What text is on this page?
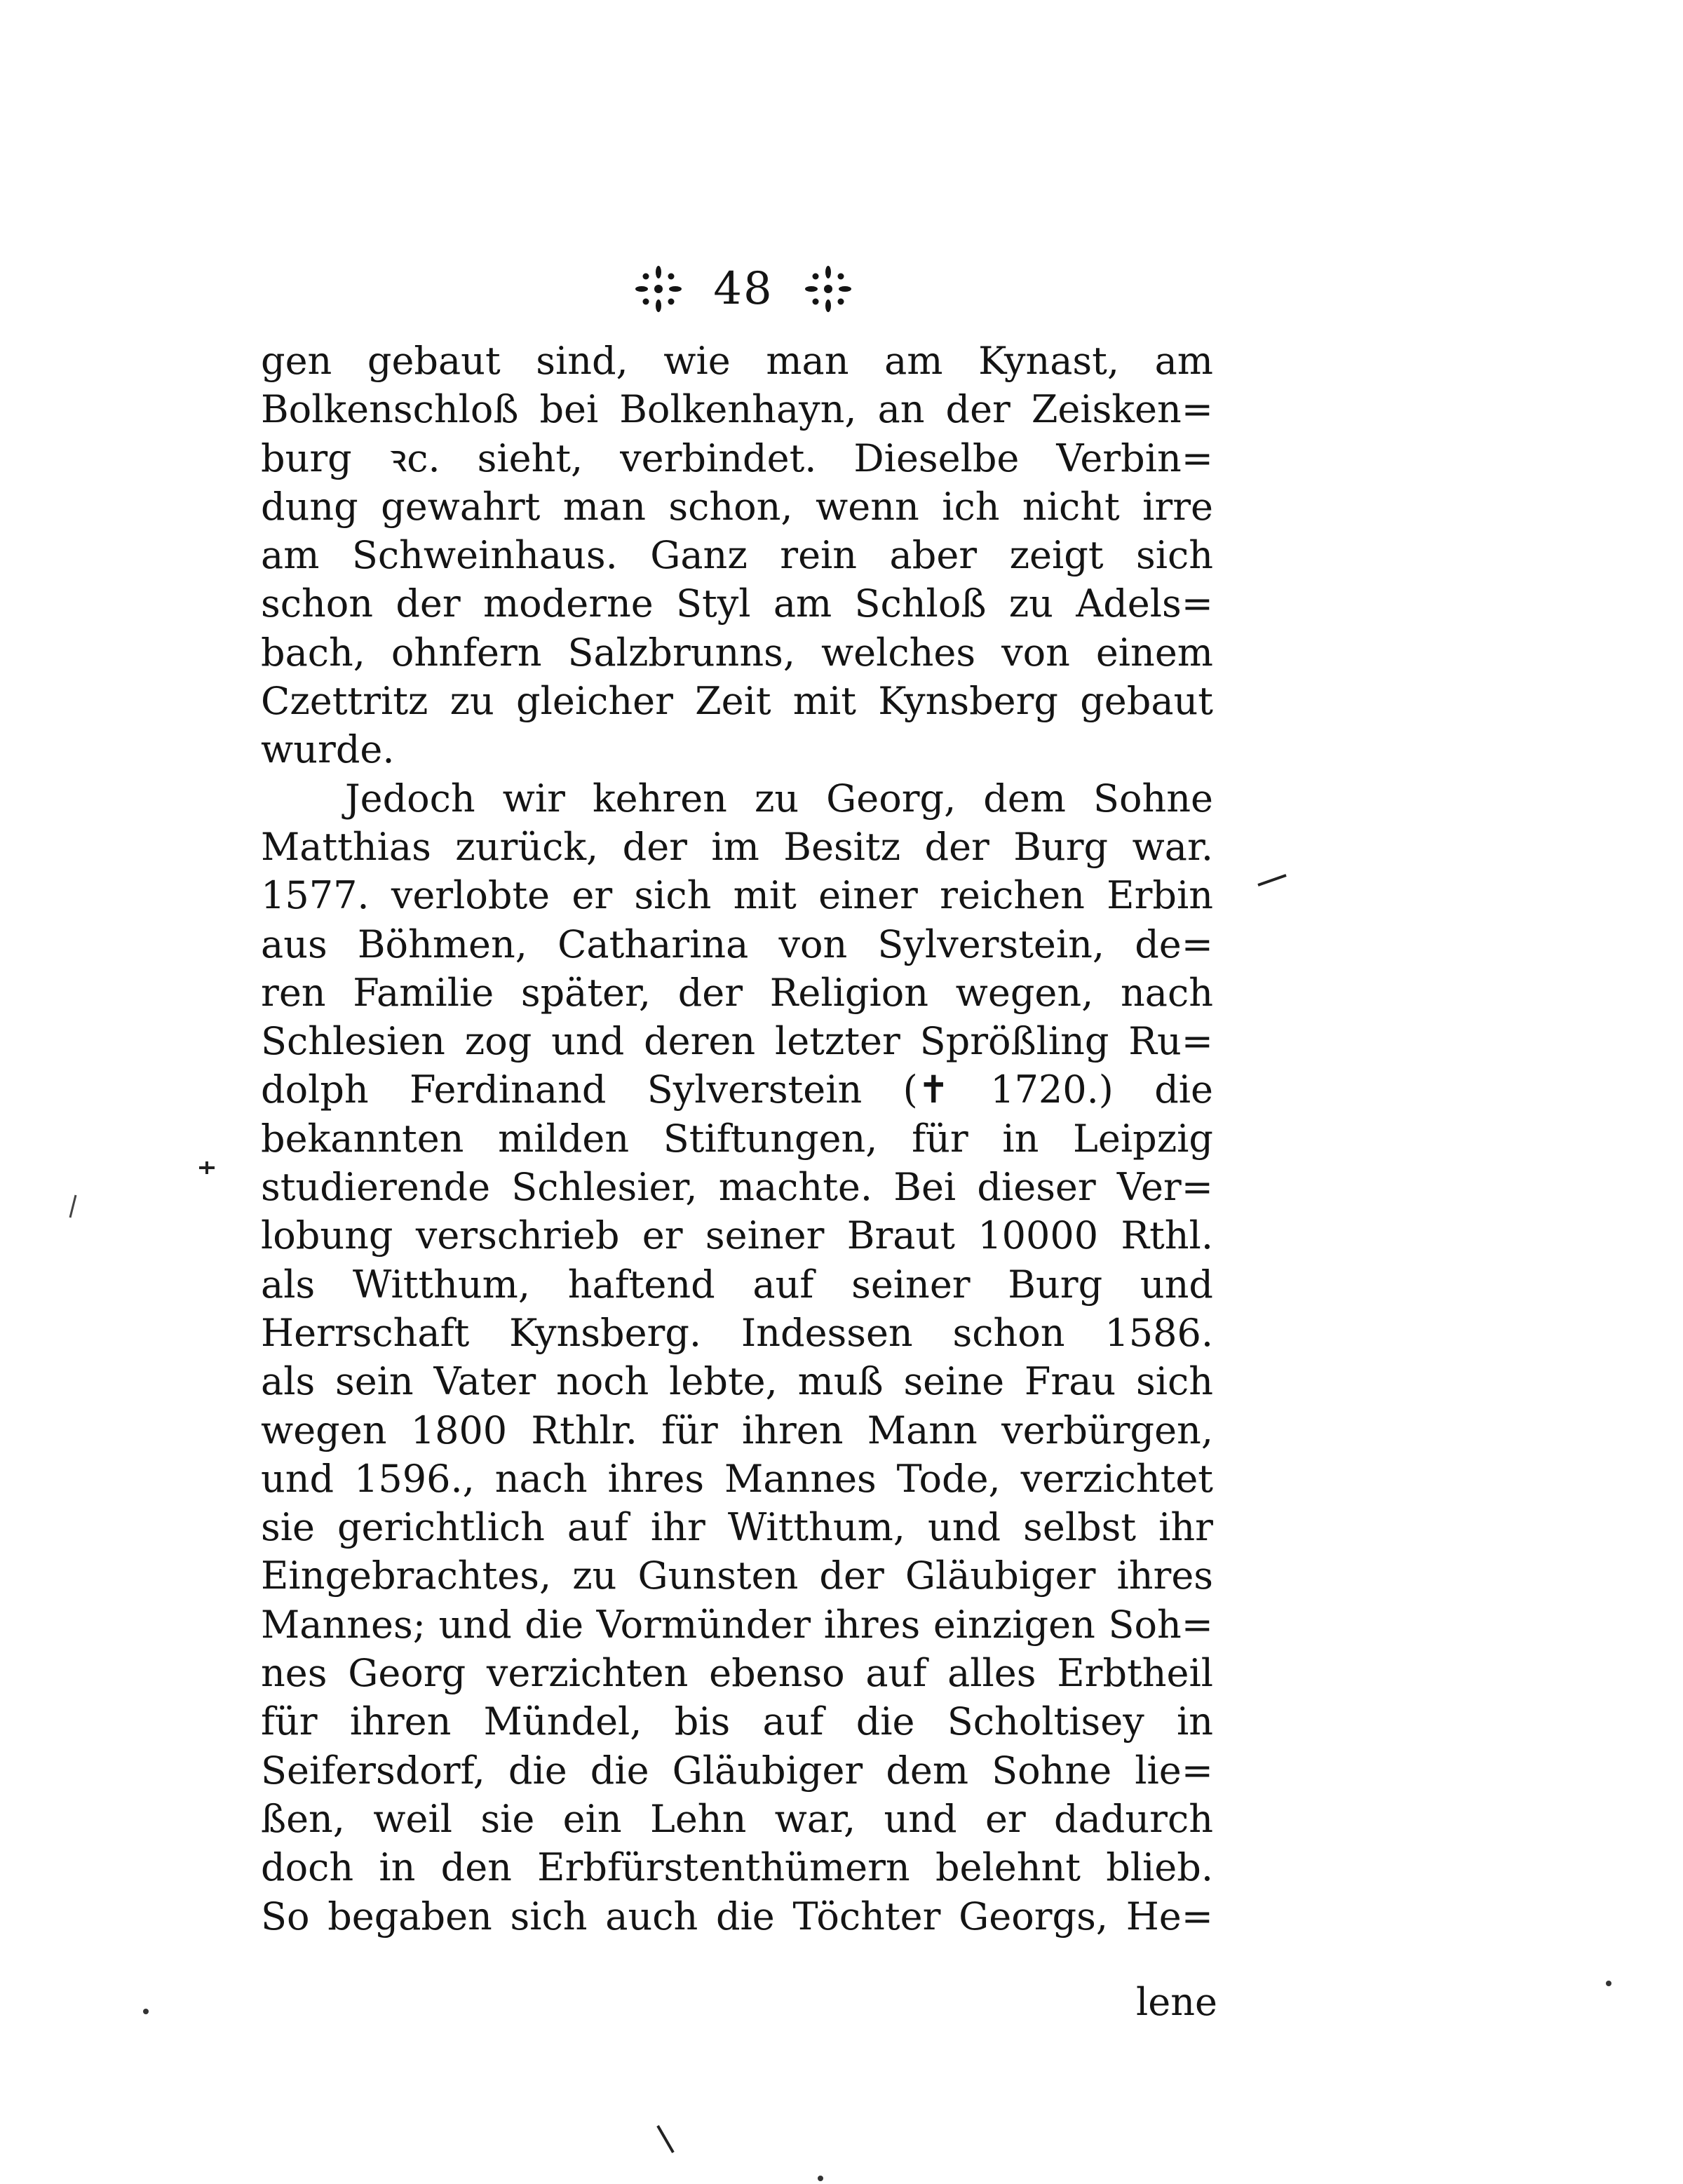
48
gen gebaut sind, wie man am Kynast, am
Bolkenschloß bei Bolkenhayn, an der Zeisken=
burg ꝛc. sieht, verbindet. Dieselbe Verbin=
dung gewahrt man schon, wenn ich nicht irre
am Schweinhaus. Ganz rein aber zeigt sich
schon der moderne Styl am Schloß zu Adels=
bach, ohnfern Salzbrunns, welches von einem
Czettritz zu gleicher Zeit mit Kynsberg gebaut
wurde.
Jedoch wir kehren zu Georg, dem Sohne
Matthias zurück, der im Besitz der Burg war.
1577. verlobte er sich mit einer reichen Erbin
aus Böhmen, Catharina von Sylverstein, de=
ren Familie später, der Religion wegen, nach
Schlesien zog und deren letzter Sprößling Ru=
dolph Ferdinand Sylverstein (✝ 1720.) die
bekannten milden Stiftungen, für in Leipzig
studierende Schlesier, machte. Bei dieser Ver=
lobung verschrieb er seiner Braut 10000 Rthl.
als Witthum, haftend auf seiner Burg und
Herrschaft Kynsberg. Indessen schon 1586.
als sein Vater noch lebte, muß seine Frau sich
wegen 1800 Rthlr. für ihren Mann verbürgen,
und 1596., nach ihres Mannes Tode, verzichtet
sie gerichtlich auf ihr Witthum, und selbst ihr
Eingebrachtes, zu Gunsten der Gläubiger ihres
Mannes; und die Vormünder ihres einzigen Soh=
nes Georg verzichten ebenso auf alles Erbtheil
für ihren Mündel, bis auf die Scholtisey in
Seifersdorf, die die Gläubiger dem Sohne lie=
ßen, weil sie ein Lehn war, und er dadurch
doch in den Erbfürstenthümern belehnt blieb.
So begaben sich auch die Töchter Georgs, He=
lene
